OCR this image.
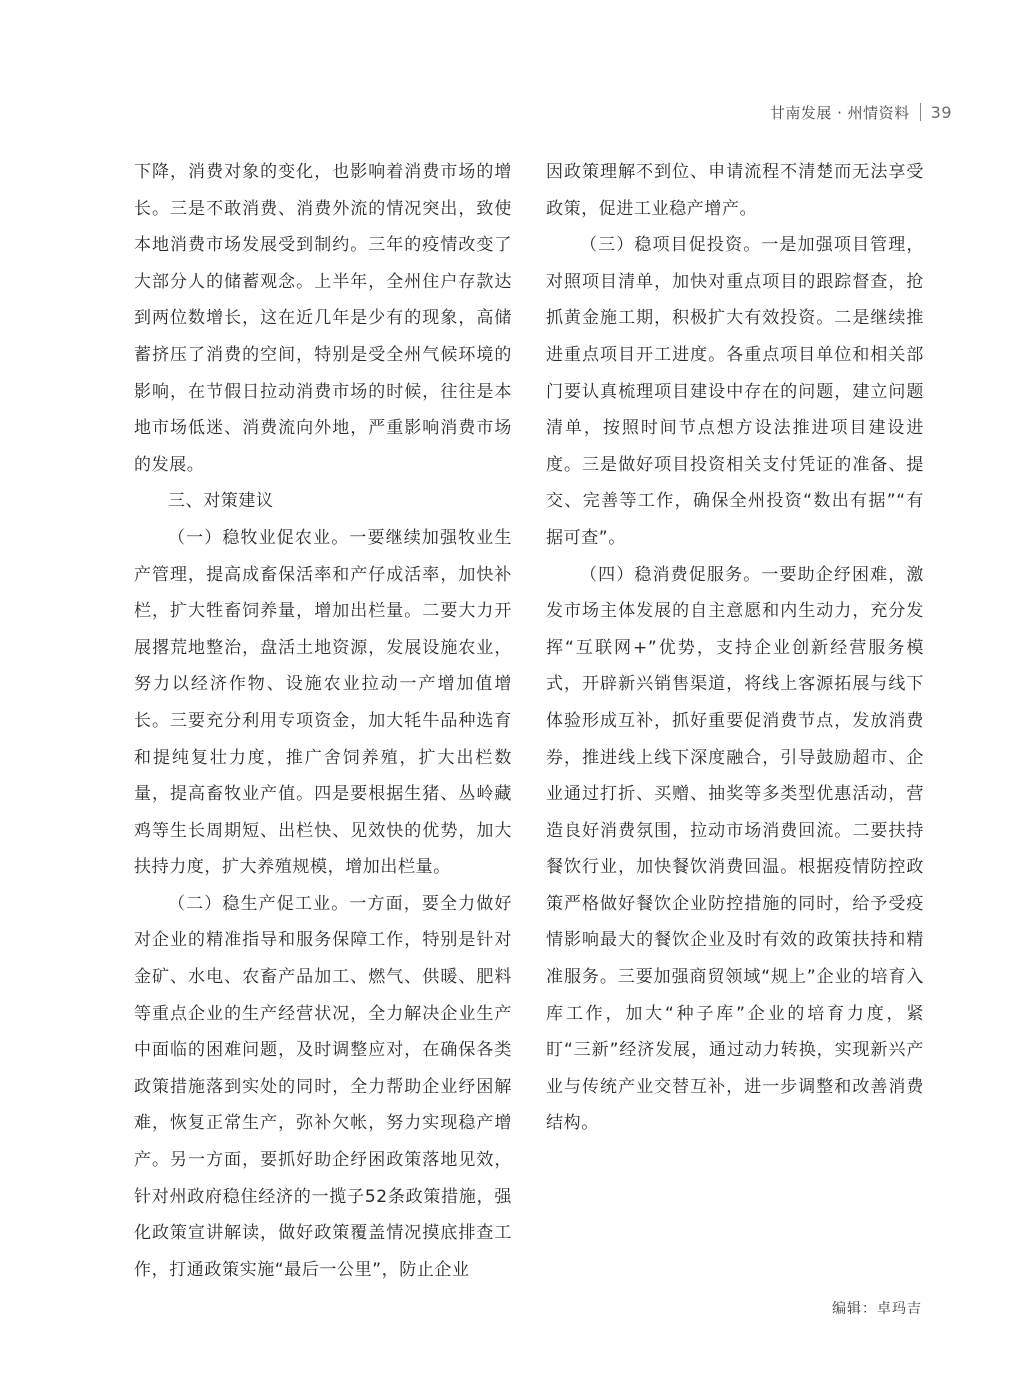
甘南发展 · 州情资料 39

下降，消费对象的变化，也影响着消费市场的增长。三是不敢消费、消费外流的情况突出，致使本地消费市场发展受到制约。三年的疫情改变了大部分人的储蓄观念。上半年，全州住户存款达到两位数增长，这在近几年是少有的现象，高储蓄挤压了消费的空间，特别是受全州气候环境的影响，在节假日拉动消费市场的时候，往往是本地市场低迷、消费流向外地，严重影响消费市场的发展。

三、对策建议

（一）稳牧业促农业。一要继续加强牧业生产管理，提高成畜保活率和产仔成活率，加快补栏，扩大牲畜饲养量，增加出栏量。二要大力开展撂荒地整治，盘活土地资源，发展设施农业，努力以经济作物、设施农业拉动一产增加值增长。三要充分利用专项资金，加大牦牛品种选育和提纯复壮力度，推广舍饲养殖，扩大出栏数量，提高畜牧业产值。四是要根据生猪、丛岭藏鸡等生长周期短、出栏快、见效快的优势，加大扶持力度，扩大养殖规模，增加出栏量。

（二）稳生产促工业。一方面，要全力做好对企业的精准指导和服务保障工作，特别是针对金矿、水电、农畜产品加工、燃气、供暖、肥料等重点企业的生产经营状况，全力解决企业生产中面临的困难问题，及时调整应对，在确保各类政策措施落到实处的同时，全力帮助企业纾困解难，恢复正常生产，弥补欠帐，努力实现稳产增产。另一方面，要抓好助企纾困政策落地见效，针对州政府稳住经济的一揽子52条政策措施，强化政策宣讲解读，做好政策覆盖情况摸底排查工作，打通政策实施“最后一公里”，防止企业

因政策理解不到位、申请流程不清楚而无法享受政策，促进工业稳产增产。

（三）稳项目促投资。一是加强项目管理，对照项目清单，加快对重点项目的跟踪督查，抢抓黄金施工期，积极扩大有效投资。二是继续推进重点项目开工进度。各重点项目单位和相关部门要认真梳理项目建设中存在的问题，建立问题清单，按照时间节点想方设法推进项目建设进度。三是做好项目投资相关支付凭证的准备、提交、完善等工作，确保全州投资“数出有据”“有据可查”。

（四）稳消费促服务。一要助企纾困难，激发市场主体发展的自主意愿和内生动力，充分发挥“互联网+”优势，支持企业创新经营服务模式，开辟新兴销售渠道，将线上客源拓展与线下体验形成互补，抓好重要促消费节点，发放消费券，推进线上线下深度融合，引导鼓励超市、企业通过打折、买赠、抽奖等多类型优惠活动，营造良好消费氛围，拉动市场消费回流。二要扶持餐饮行业，加快餐饮消费回温。根据疫情防控政策严格做好餐饮企业防控措施的同时，给予受疫情影响最大的餐饮企业及时有效的政策扶持和精准服务。三要加强商贸领域“规上”企业的培育入库工作，加大“种子库”企业的培育力度，紧盯“三新”经济发展，通过动力转换，实现新兴产业与传统产业交替互补，进一步调整和改善消费结构。

编辑：卓玛吉
